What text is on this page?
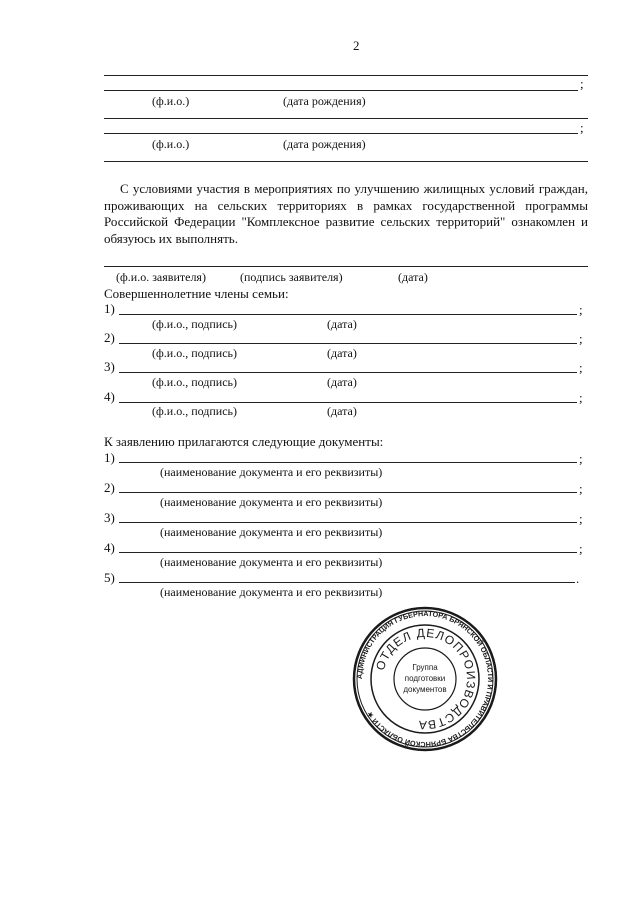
2
;
(ф.и.о.)	(дата рождения)
;
(ф.и.о.)	(дата рождения)
С условиями участия в мероприятиях по улучшению жилищных условий граждан, проживающих на сельских территориях в рамках государственной программы Российской Федерации "Комплексное развитие сельских территорий" ознакомлен и обязуюсь их выполнять.
(ф.и.о. заявителя)	(подпись заявителя)	(дата)
Совершеннолетние члены семьи:
1)	;
(ф.и.о., подпись)	(дата)
2)	;
(ф.и.о., подпись)	(дата)
3)	;
(ф.и.о., подпись)	(дата)
4)	;
(ф.и.о., подпись)	(дата)
К заявлению прилагаются следующие документы:
1)	;
(наименование документа и его реквизиты)
2)	;
(наименование документа и его реквизиты)
3)	;
(наименование документа и его реквизиты)
4)	;
(наименование документа и его реквизиты)
5)	.
(наименование документа и его реквизиты)
АДМИНИСТРАЦИЯ ГУБЕРНАТОРА БРЯНСКОЙ ОБЛАСТИ И ПРАВИТЕЛЬСТВА БРЯНСКОЙ ОБЛАСТИ ★
ОТДЕЛ ДЕЛОПРОИЗВОДСТВА
Группа
подготовки
документов
